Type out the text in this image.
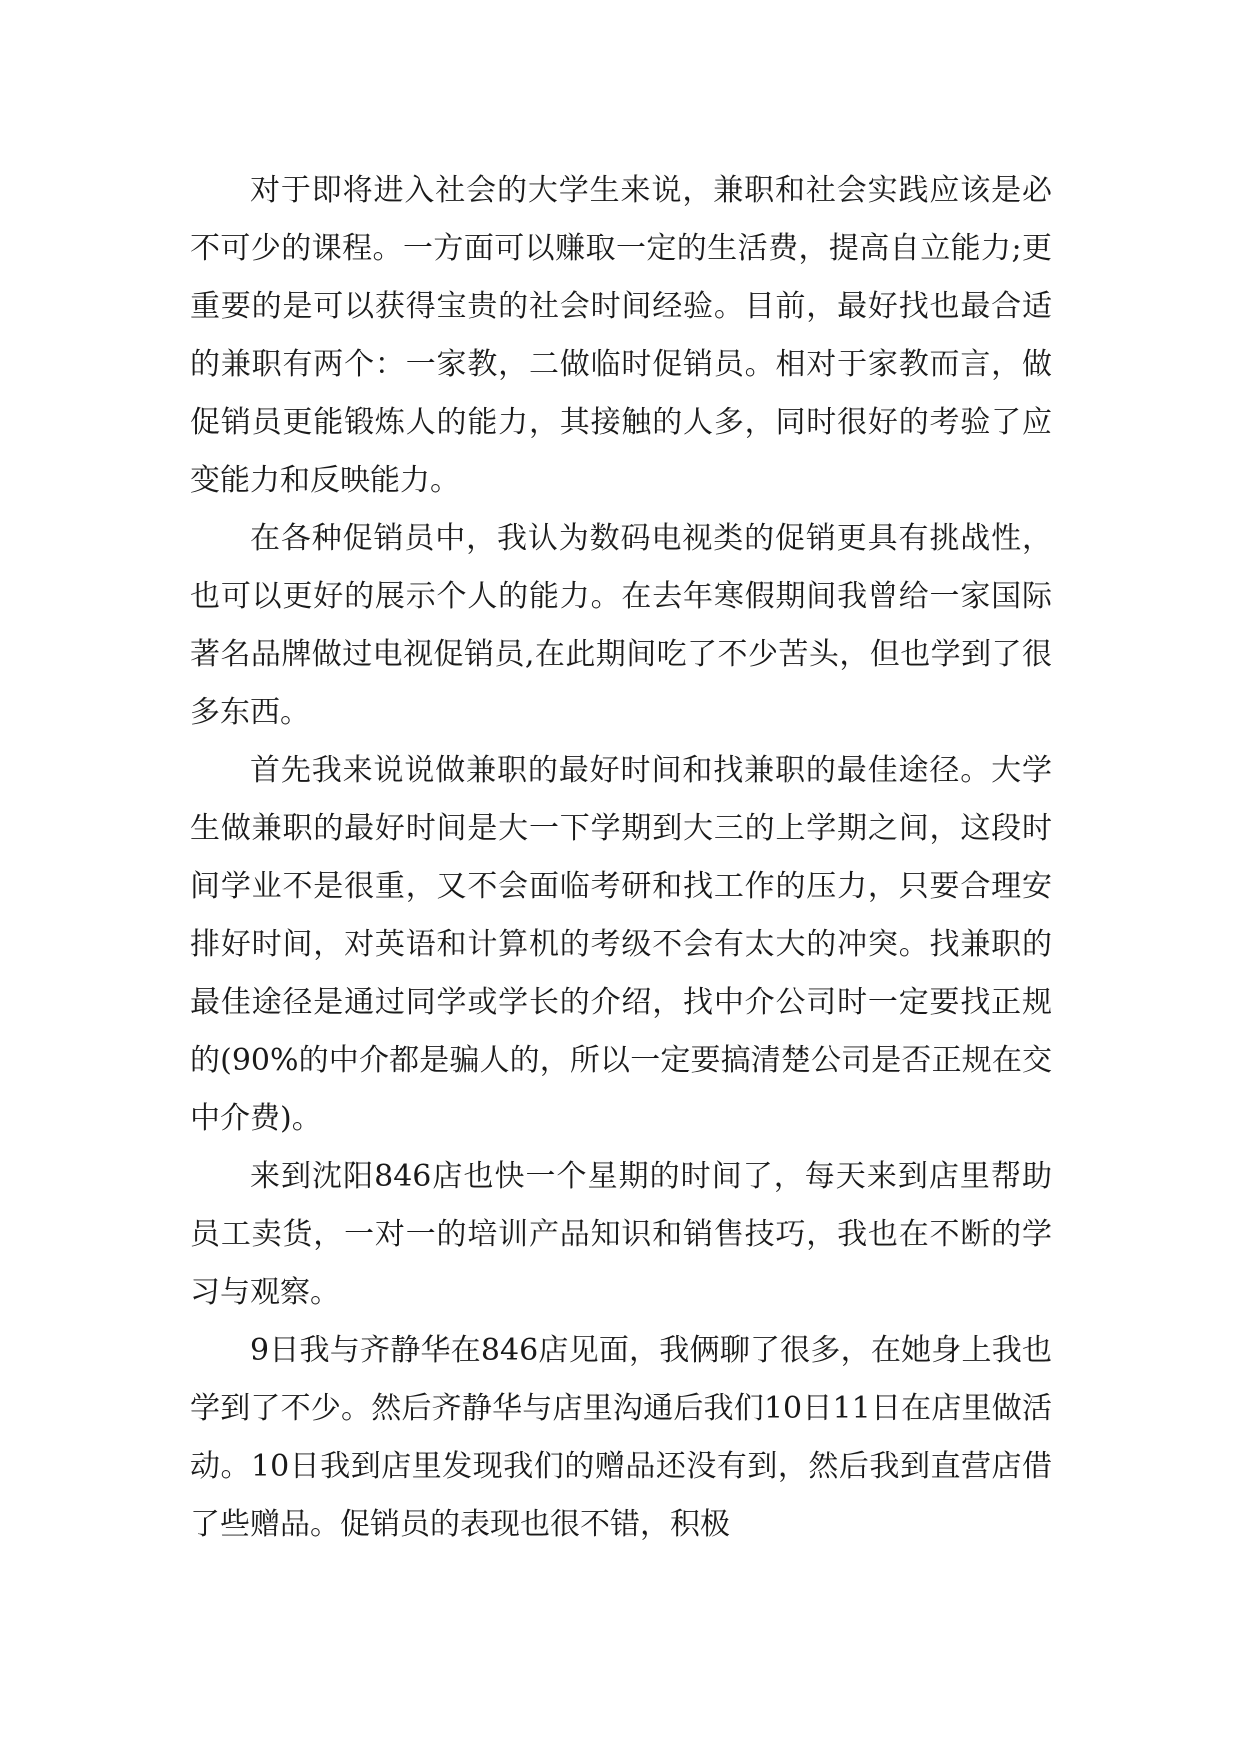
对于即将进入社会的大学生来说，兼职和社会实践应该是必不可少的课程。一方面可以赚取一定的生活费，提高自立能力;更重要的是可以获得宝贵的社会时间经验。目前，最好找也最合适的兼职有两个：一家教，二做临时促销员。相对于家教而言，做促销员更能锻炼人的能力，其接触的人多，同时很好的考验了应变能力和反映能力。

在各种促销员中，我认为数码电视类的促销更具有挑战性，也可以更好的展示个人的能力。在去年寒假期间我曾给一家国际著名品牌做过电视促销员,在此期间吃了不少苦头，但也学到了很多东西。

首先我来说说做兼职的最好时间和找兼职的最佳途径。大学生做兼职的最好时间是大一下学期到大三的上学期之间，这段时间学业不是很重，又不会面临考研和找工作的压力，只要合理安排好时间，对英语和计算机的考级不会有太大的冲突。找兼职的最佳途径是通过同学或学长的介绍，找中介公司时一定要找正规的(90%的中介都是骗人的，所以一定要搞清楚公司是否正规在交中介费)。

来到沈阳846店也快一个星期的时间了，每天来到店里帮助员工卖货，一对一的培训产品知识和销售技巧，我也在不断的学习与观察。

9日我与齐静华在846店见面，我俩聊了很多，在她身上我也学到了不少。然后齐静华与店里沟通后我们10日11日在店里做活动。10日我到店里发现我们的赠品还没有到，然后我到直营店借了些赠品。促销员的表现也很不错，积极
